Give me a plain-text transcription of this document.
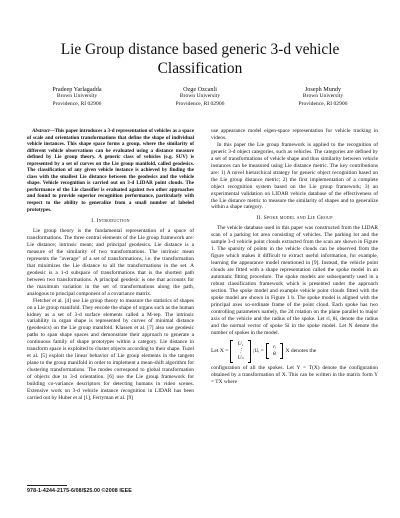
Lie Group distance based generic 3-d vehicle Classification
Pradeep Yarlagadda
Brown University
Providence, RI 02906
Ozge Ozcanli
Brown University
Providence, RI 02906
Joseph Mundy
Brown University
Providence, RI 02906
Abstract—This paper introduces a 3-d representation of vehicles as a space of scale and orientation transformations that define the shape of individual vehicle instances. This shape space forms a group, where the similarity of different vehicle observations can be evaluated using a distance measure defined by Lie group theory. A generic class of vehicles (e.g. SUV) is represented by a set of curves on the Lie group manifold, called geodesics. The classification of any given vehicle instance is achieved by finding the class with the smallest Lie distance between the geodesics and the vehicle shape. Vehicle recognition is carried out on 3-d LIDAR point clouds. The performance of the Lie classifier is evaluated against two other approaches and found to provide superior recognition performance, particularly with respect to the ability to generalize from a small number of labeled prototypes.
I. Introduction

Lie group theory is the fundamental representation of a space of transformations. The three central elements of the Lie group framework are: Lie distance; intrinsic mean; and principal geodesics. Lie distance is a measure of the similarity of two transformations. The intrinsic mean represents the "average" of a set of transformations, i.e. the transformation that minimizes the Lie distance to all the transformations in the set. A geodesic is a 1-d subspace of transformations that is the shortest path between two transformations. A principal geodesic is one that accounts for the maximum variation in the set of transformations along the path, analogous to principal component of a covariance matrix.

Fletcher et al. [4] use Lie group theory to measure the statistics of shapes on a Lie group manifold. They encode the shape of organs such as the human kidney as a set of 3-d surface elements called a M-rep. The intrinsic variability in organ shape is represented by curves of minimal distance (geodesics) on the Lie group manifold. Klassen et al. [7] also use geodesic paths to span shape spaces and demonstrate their approach to generate a continuous family of shape prototypes within a category. Lie distance in transform space is exploited to cluster objects according to their shape. Tuzel et al. [5] exploit the linear behavior of Lie group elements in the tangent plane to the group manifold in order to implement a mean-shift algorithm for clustering transformations. The modes correspond to global transformation of objects due to 3-d orientation. [6] use the Lie group framework for building co-variance descriptors for detecting humans in video scenes. Extensive work on 3-d vehicle instance recognition in LIDAR has been carried out by Huber et al [1], Ferryman et al. [9]

use appearance model eigen-space representation for vehicle tracking in videos.

In this paper the Lie group framework is applied to the recognition of generic 3-d object categories, such as vehicles. The categories are defined by a set of transformations of vehicle shape and thus similarity between vehicle instances can be measured using Lie distance metric. The key contributions are: 1) A novel hierarchical strategy for generic object recognition based on the Lie group distance metric; 2) the first implementation of a complete object recognition system based on the Lie group framework; 3) an experimental validation on LIDAR vehicle database of the effectiveness of the Lie distance metric to measure the similarity of shapes and to generalize within a shape category.

II. Spoke model and Lie Group

The vehicle database used in this paper was constructed from the LIDAR scan of a parking lot area consisting of vehicles. The parking lot and the sample 3-d vehicle point clouds extracted from the scan are shown in Figure 1. The sparsity of points in the vehicle clouds can be observed from the figure which makes it difficult to extract useful information, for example, learning the appearance model mentioned in [9]. Instead, the vehicle point clouds are fitted with a shape representation called the spoke model in an automatic fitting procedure. The spoke models are subsequently used in a robust classification framework which is presented under the approach section. The spoke model and example vehicle point clouds fitted with the spoke model are shown in Figure 1 b. The spoke model is aligned with the principal axes xo-ordinate frame of the point cloud. Each spoke has two controlling parameters namely, the 2d rotation on the plane parallel to major axis of the vehicle and the radius of the spoke. Let ri, θi, denote the radius and the normal vector of spoke Si in the spoke model. Let N denote the number of spokes in the model.

Let X =
U₁
⋮
Uₙ
;Uᵢ =
rᵢ
θᵢ
X denotes the

configuration of all the spokes. Let Y = T(X) denote the configuration obtained by a transformation of X. This can be written in the matrix form Y = TX where

978-1-4244-2175-6/08/$25.00 ©2008 IEEE
